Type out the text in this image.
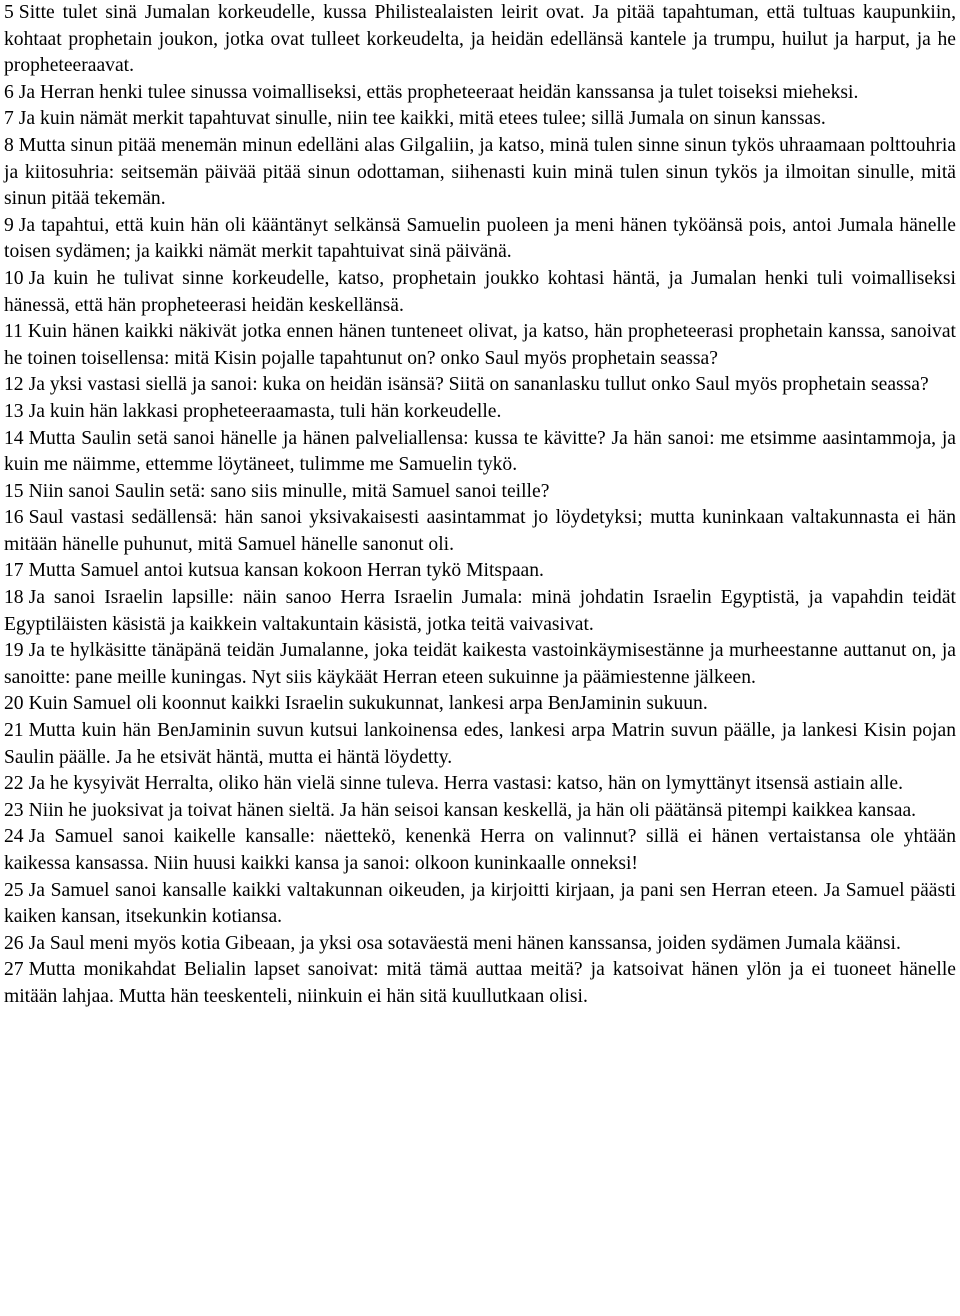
5 Sitte tulet sinä Jumalan korkeudelle, kussa Philistealaisten leirit ovat. Ja pitää tapahtuman, että tultuas kaupunkiin, kohtaat prophetain joukon, jotka ovat tulleet korkeudelta, ja heidän edellänsä kantele ja trumpu, huilut ja harput, ja he propheteeraavat.

6 Ja Herran henki tulee sinussa voimalliseksi, ettäs propheteeraat heidän kanssansa ja tulet toiseksi mieheksi.

7 Ja kuin nämät merkit tapahtuvat sinulle, niin tee kaikki, mitä etees tulee; sillä Jumala on sinun kanssas.

8 Mutta sinun pitää menemän minun edelläni alas Gilgaliin, ja katso, minä tulen sinne sinun tykös uhraamaan polttouhria ja kiitosuhria: seitsemän päivää pitää sinun odottaman, siihenasti kuin minä tulen sinun tykös ja ilmoitan sinulle, mitä sinun pitää tekemän.

9 Ja tapahtui, että kuin hän oli kääntänyt selkänsä Samuelin puoleen ja meni hänen tyköänsä pois, antoi Jumala hänelle toisen sydämen; ja kaikki nämät merkit tapahtuivat sinä päivänä.

10 Ja kuin he tulivat sinne korkeudelle, katso, prophetain joukko kohtasi häntä, ja Jumalan henki tuli voimalliseksi hänessä, että hän propheteerasi heidän keskellänsä.

11 Kuin hänen kaikki näkivät jotka ennen hänen tunteneet olivat, ja katso, hän propheteerasi prophetain kanssa, sanoivat he toinen toisellensa: mitä Kisin pojalle tapahtunut on? onko Saul myös prophetain seassa?

12 Ja yksi vastasi siellä ja sanoi: kuka on heidän isänsä? Siitä on sananlasku tullut onko Saul myös prophetain seassa?

13 Ja kuin hän lakkasi propheteeraamasta, tuli hän korkeudelle.

14 Mutta Saulin setä sanoi hänelle ja hänen palveliallensa: kussa te kävitte? Ja hän sanoi: me etsimme aasintammoja, ja kuin me näimme, ettemme löytäneet, tulimme me Samuelin tykö.

15 Niin sanoi Saulin setä: sano siis minulle, mitä Samuel sanoi teille?

16 Saul vastasi sedällensä: hän sanoi yksivakaisesti aasintammat jo löydetyksi; mutta kuninkaan valtakunnasta ei hän mitään hänelle puhunut, mitä Samuel hänelle sanonut oli.

17 Mutta Samuel antoi kutsua kansan kokoon Herran tykö Mitspaan.

18 Ja sanoi Israelin lapsille: näin sanoo Herra Israelin Jumala: minä johdatin Israelin Egyptistä, ja vapahdin teidät Egyptiläisten käsistä ja kaikkein valtakuntain käsistä, jotka teitä vaivasivat.

19 Ja te hylkäsitte tänäpänä teidän Jumalanne, joka teidät kaikesta vastoinkäymisestänne ja murheestanne auttanut on, ja sanoitte: pane meille kuningas. Nyt siis käykäät Herran eteen sukuinne ja päämiestenne jälkeen.

20 Kuin Samuel oli koonnut kaikki Israelin sukukunnat, lankesi arpa BenJaminin sukuun.

21 Mutta kuin hän BenJaminin suvun kutsui lankoinensa edes, lankesi arpa Matrin suvun päälle, ja lankesi Kisin pojan Saulin päälle. Ja he etsivät häntä, mutta ei häntä löydetty.

22 Ja he kysyivät Herralta, oliko hän vielä sinne tuleva. Herra vastasi: katso, hän on lymyttänyt itsensä astiain alle.

23 Niin he juoksivat ja toivat hänen sieltä. Ja hän seisoi kansan keskellä, ja hän oli päätänsä pitempi kaikkea kansaa.

24 Ja Samuel sanoi kaikelle kansalle: näettekö, kenenkä Herra on valinnut? sillä ei hänen vertaistansa ole yhtään kaikessa kansassa. Niin huusi kaikki kansa ja sanoi: olkoon kuninkaalle onneksi!

25 Ja Samuel sanoi kansalle kaikki valtakunnan oikeuden, ja kirjoitti kirjaan, ja pani sen Herran eteen. Ja Samuel päästi kaiken kansan, itsekunkin kotiansa.

26 Ja Saul meni myös kotia Gibeaan, ja yksi osa sotaväestä meni hänen kanssansa, joiden sydämen Jumala käänsi.

27 Mutta monikahdat Belialin lapset sanoivat: mitä tämä auttaa meitä? ja katsoivat hänen ylön ja ei tuoneet hänelle mitään lahjaa. Mutta hän teeskenteli, niinkuin ei hän sitä kuullutkaan olisi.
